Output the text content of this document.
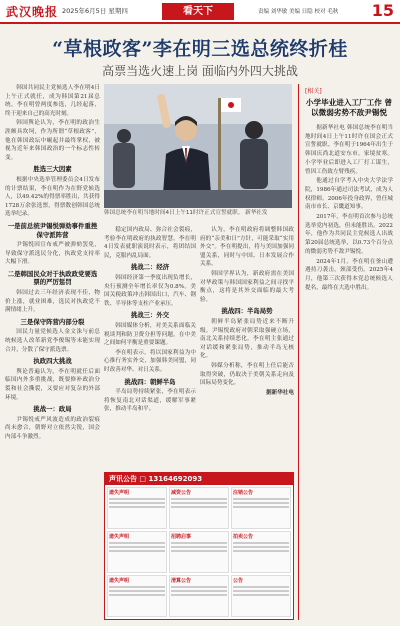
武汉晚报 2025年6月5日 星期四	看天下	责编 刘华敏 美编 日隐 校对 毛秋 15
“草根政客”李在明三选总统终折桂
高票当选火速上岗 面临内外四大挑战

韩国共同民主党候选人李在明4日上午正式就任，成为韩国第21届总统。李在明曾两度参选，几经起落，终于迎来自己的高光时刻。

韩国舆论认为，李在明的政治生涯颇具坎坷，作为所谓“草根政客”，他在韩国政坛中崛起并最终掌权，被视为近年来韩国政治的一个标志性转变。

胜选三大因素

根据中央选举管理委员会4日发布的计票结果，李在明作为在野党候选人，以49.42%的得票率胜出，共获得1728万余张选票，得票数创韩国总统选举纪录。

一是前总统尹锡悦弹劾事件重挫保守派阵营

尹锡悦因宣布戒严被弹劾罢免，导致保守派选民分化，执政党支持率大幅下滑。

二是韩国民众对于执政政党要选票的严厉惩罚

韩国过去三年经济表现不佳，物价上涨，就业困难，选民对执政党不满情绪上升。

三是保守阵营内部分裂

国民力量党候选人金文洙与前总统候选人改革新党李俊锡等未能实现合并，分散了保守派选票。

执政四大挑战

舆论普遍认为，李在明就任后面临国内外多重挑战，既要修补政治分裂和社会撕裂，又要应对复杂的外部环境。

挑战一：政局

尹锡悦戒严风波造成的政治裂痕尚未愈合，朝野对立依然尖锐，国会内部斗争激烈。

韩国总统李在明当地时间4日上午11时许正式宣誓就职。 新华社发

稳定国内政局、弥合社会裂痕，考验李在明政府的执政智慧。李在明4日发表就职演说时表示，将团结国民，克服内乱局面。

挑战二：经济

韩国经济第一季度出现负增长，央行预测全年增长率仅为0.8%。美国关税政策冲击韩国出口，汽车、钢铁、半导体等支柱产业承压。

挑战三：外交

韩国媒体分析，对美关系面临关税谈判和防卫费分担等问题，在中美之间如何平衡是重要课题。

李在明表示，将以国家利益为中心推行务实外交，加强韩美同盟，同时改善对华、对日关系。

挑战四：朝鲜半岛

半岛局势持续紧张，李在明表示将恢复南北对话渠道，缓解军事紧张，推动半岛和平。

认为，李在明政府将调整韩国政府的“亲美和日”方针，可能采取“实用外交”。李在明提出，将与美国加强同盟关系，同时与中国、日本发展合作关系。

韩国学界认为，新政府需在美国对华政策与韩国国家利益之间寻找平衡点，这将是其外交面临的最大考验。

挑战四：半岛局势

朝鲜半岛紧张局势近来不断升级。尹锡悦政府对朝采取强硬立场，南北关系持续恶化。李在明主张通过对话缓和紧张局势，推动半岛无核化。

韩媒分析称，李在明上任后能否取得突破，仍取决于美朝关系走向及国际局势变化。

据新华社电

声讯公告 □ 13164692093
遗失声明	减资公告	注销公告
遗失声明	招聘启事	拍卖公告
遗失声明	清算公告	公告
[相关]
小学毕业进入工厂工作 曾以微弱劣势不敌尹锡悦

据新华社电 韩国总统李在明当地时间4日上午11时许在国会正式宣誓就职。李在明于1964年出生于韩国庆尚北道安东市，家境贫寒。小学毕业后即进入工厂打工谋生，曾因工伤致左臂残疾。

他通过自学考入中央大学法学院，1986年通过司法考试，成为人权律师。2006年投身政界，曾任城南市市长、京畿道知事。

2017年，李在明首次参与总统选举党内初选，但未能胜出。2022年，他作为共同民主党候选人出战第20届总统选举，以0.73个百分点的微弱劣势不敌尹锡悦。

2024年1月，李在明在釜山遭遇持刀袭击，颈部受伤。2025年4月，他第三次获得本党总统候选人提名，最终在大选中胜出。
